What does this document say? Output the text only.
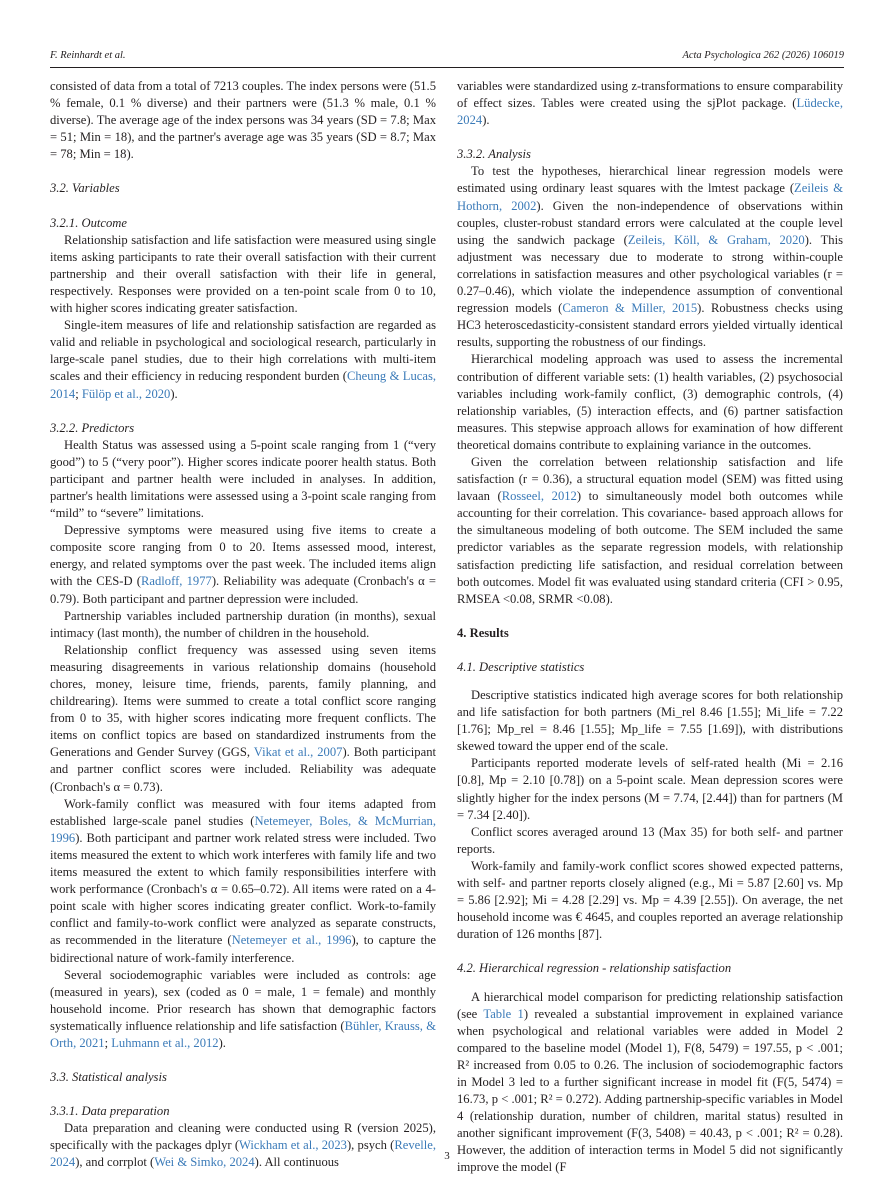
F. Reinhardt et al.	Acta Psychologica 262 (2026) 106019

consisted of data from a total of 7213 couples. The index persons were (51.5 % female, 0.1 % diverse) and their partners were (51.3 % male, 0.1 % diverse). The average age of the index persons was 34 years (SD = 7.8; Max = 51; Min = 18), and the partner's average age was 35 years (SD = 8.7; Max = 78; Min = 18).

3.2. Variables

3.2.1. Outcome

Relationship satisfaction and life satisfaction were measured using single items asking participants to rate their overall satisfaction with their current partnership and their overall satisfaction with their life in general, respectively. Responses were provided on a ten-point scale from 0 to 10, with higher scores indicating greater satisfaction.

Single-item measures of life and relationship satisfaction are regarded as valid and reliable in psychological and sociological research, particularly in large-scale panel studies, due to their high correlations with multi-item scales and their efficiency in reducing respondent burden (Cheung & Lucas, 2014; Fülöp et al., 2020).

3.2.2. Predictors

Health Status was assessed using a 5-point scale ranging from 1 (“very good”) to 5 (“very poor”). Higher scores indicate poorer health status. Both participant and partner health were included in analyses. In addition, partner's health limitations were assessed using a 3-point scale ranging from “mild” to “severe” limitations.

Depressive symptoms were measured using five items to create a composite score ranging from 0 to 20. Items assessed mood, interest, energy, and related symptoms over the past week. The included items align with the CES-D (Radloff, 1977). Reliability was adequate (Cronbach's α = 0.79). Both participant and partner depression were included.

Partnership variables included partnership duration (in months), sexual intimacy (last month), the number of children in the household.

Relationship conflict frequency was assessed using seven items measuring disagreements in various relationship domains (household chores, money, leisure time, friends, parents, family planning, and childrearing). Items were summed to create a total conflict score ranging from 0 to 35, with higher scores indicating more frequent conflicts. The items on conflict topics are based on standardized instruments from the Generations and Gender Survey (GGS, Vikat et al., 2007). Both participant and partner conflict scores were included. Reliability was adequate (Cronbach's α = 0.73).

Work-family conflict was measured with four items adapted from established large-scale panel studies (Netemeyer, Boles, & McMurrian, 1996). Both participant and partner work related stress were included. Two items measured the extent to which work interferes with family life and two items measured the extent to which family responsibilities interfere with work performance (Cronbach's α = 0.65–0.72). All items were rated on a 4-point scale with higher scores indicating greater conflict. Work-to-family conflict and family-to-work conflict were analyzed as separate constructs, as recommended in the literature (Netemeyer et al., 1996), to capture the bidirectional nature of work-family interference.

Several sociodemographic variables were included as controls: age (measured in years), sex (coded as 0 = male, 1 = female) and monthly household income. Prior research has shown that demographic factors systematically influence relationship and life satisfaction (Bühler, Krauss, & Orth, 2021; Luhmann et al., 2012).

3.3. Statistical analysis

3.3.1. Data preparation

Data preparation and cleaning were conducted using R (version 2025), specifically with the packages dplyr (Wickham et al., 2023), psych (Revelle, 2024), and corrplot (Wei & Simko, 2024). All continuous

variables were standardized using z-transformations to ensure comparability of effect sizes. Tables were created using the sjPlot package. (Lüdecke, 2024).

3.3.2. Analysis

To test the hypotheses, hierarchical linear regression models were estimated using ordinary least squares with the lmtest package (Zeileis & Hothorn, 2002). Given the non-independence of observations within couples, cluster-robust standard errors were calculated at the couple level using the sandwich package (Zeileis, Köll, & Graham, 2020). This adjustment was necessary due to moderate to strong within-couple correlations in satisfaction measures and other psychological variables (r = 0.27–0.46), which violate the independence assumption of conventional regression models (Cameron & Miller, 2015). Robustness checks using HC3 heteroscedasticity-consistent standard errors yielded virtually identical results, supporting the robustness of our findings.

Hierarchical modeling approach was used to assess the incremental contribution of different variable sets: (1) health variables, (2) psychosocial variables including work-family conflict, (3) demographic controls, (4) relationship variables, (5) interaction effects, and (6) partner satisfaction measures. This stepwise approach allows for examination of how different theoretical domains contribute to explaining variance in the outcomes.

Given the correlation between relationship satisfaction and life satisfaction (r = 0.36), a structural equation model (SEM) was fitted using lavaan (Rosseel, 2012) to simultaneously model both outcomes while accounting for their correlation. This covariance- based approach allows for the simultaneous modeling of both outcome. The SEM included the same predictor variables as the separate regression models, with relationship satisfaction predicting life satisfaction, and residual correlation between both outcomes. Model fit was evaluated using standard criteria (CFI > 0.95, RMSEA <0.08, SRMR <0.08).

4. Results

4.1. Descriptive statistics

Descriptive statistics indicated high average scores for both relationship and life satisfaction for both partners (Mi_rel 8.46 [1.55]; Mi_life = 7.22 [1.76]; Mp_rel = 8.46 [1.55]; Mp_life = 7.55 [1.69]), with distributions skewed toward the upper end of the scale.

Participants reported moderate levels of self-rated health (Mi = 2.16 [0.8], Mp = 2.10 [0.78]) on a 5-point scale. Mean depression scores were slightly higher for the index persons (M = 7.74, [2.44]) than for partners (M = 7.34 [2.40]).

Conflict scores averaged around 13 (Max 35) for both self- and partner reports.

Work-family and family-work conflict scores showed expected patterns, with self- and partner reports closely aligned (e.g., Mi = 5.87 [2.60] vs. Mp = 5.86 [2.92]; Mi = 4.28 [2.29] vs. Mp = 4.39 [2.55]). On average, the net household income was € 4645, and couples reported an average relationship duration of 126 months [87].

4.2. Hierarchical regression - relationship satisfaction

A hierarchical model comparison for predicting relationship satisfaction (see Table 1) revealed a substantial improvement in explained variance when psychological and relational variables were added in Model 2 compared to the baseline model (Model 1), F(8, 5479) = 197.55, p < .001; R² increased from 0.05 to 0.26. The inclusion of sociodemographic factors in Model 3 led to a further significant increase in model fit (F(5, 5474) = 16.73, p < .001; R² = 0.272). Adding partnership-specific variables in Model 4 (relationship duration, number of children, marital status) resulted in another significant improvement (F(3, 5408) = 40.43, p < .001; R² = 0.28). However, the addition of interaction terms in Model 5 did not significantly improve the model (F

3
